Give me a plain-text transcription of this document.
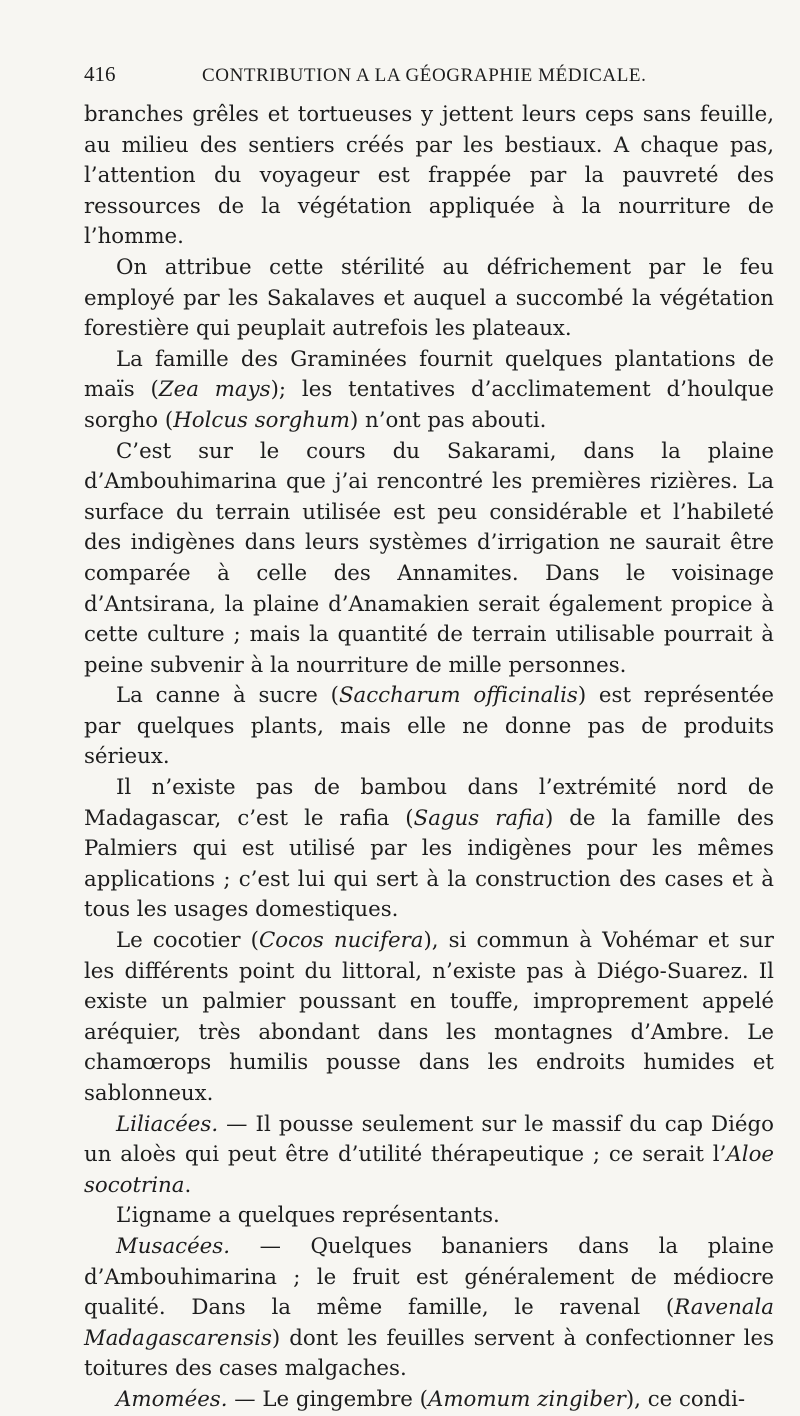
416	CONTRIBUTION A LA GÉOGRAPHIE MÉDICALE.

branches grêles et tortueuses y jettent leurs ceps sans feuille, au milieu des sentiers créés par les bestiaux. A chaque pas, l’attention du voyageur est frappée par la pauvreté des ressources de la végétation appliquée à la nourriture de l’homme.

On attribue cette stérilité au défrichement par le feu employé par les Sakalaves et auquel a succombé la végétation forestière qui peuplait autrefois les plateaux.

La famille des Graminées fournit quelques plantations de maïs (Zea mays); les tentatives d’acclimatement d’houlque sorgho (Holcus sorghum) n’ont pas abouti.

C’est sur le cours du Sakarami, dans la plaine d’Ambouhimarina que j’ai rencontré les premières rizières. La surface du terrain utilisée est peu considérable et l’habileté des indigènes dans leurs systèmes d’irrigation ne saurait être comparée à celle des Annamites. Dans le voisinage d’Antsirana, la plaine d’Anamakien serait également propice à cette culture ; mais la quantité de terrain utilisable pourrait à peine subvenir à la nourriture de mille personnes.

La canne à sucre (Saccharum officinalis) est représentée par quelques plants, mais elle ne donne pas de produits sérieux.

Il n’existe pas de bambou dans l’extrémité nord de Madagascar, c’est le rafia (Sagus rafia) de la famille des Palmiers qui est utilisé par les indigènes pour les mêmes applications ; c’est lui qui sert à la construction des cases et à tous les usages domestiques.

Le cocotier (Cocos nucifera), si commun à Vohémar et sur les différents point du littoral, n’existe pas à Diégo-Suarez. Il existe un palmier poussant en touffe, improprement appelé aréquier, très abondant dans les montagnes d’Ambre. Le chamœrops humilis pousse dans les endroits humides et sablonneux.

Liliacées. — Il pousse seulement sur le massif du cap Diégo un aloès qui peut être d’utilité thérapeutique ; ce serait l’Aloe socotrina.

L’igname a quelques représentants.

Musacées. — Quelques bananiers dans la plaine d’Ambouhimarina ; le fruit est généralement de médiocre qualité. Dans la même famille, le ravenal (Ravenala Madagascarensis) dont les feuilles servent à confectionner les toitures des cases malgaches.

Amomées. — Le gingembre (Amomum zingiber), ce condi-
